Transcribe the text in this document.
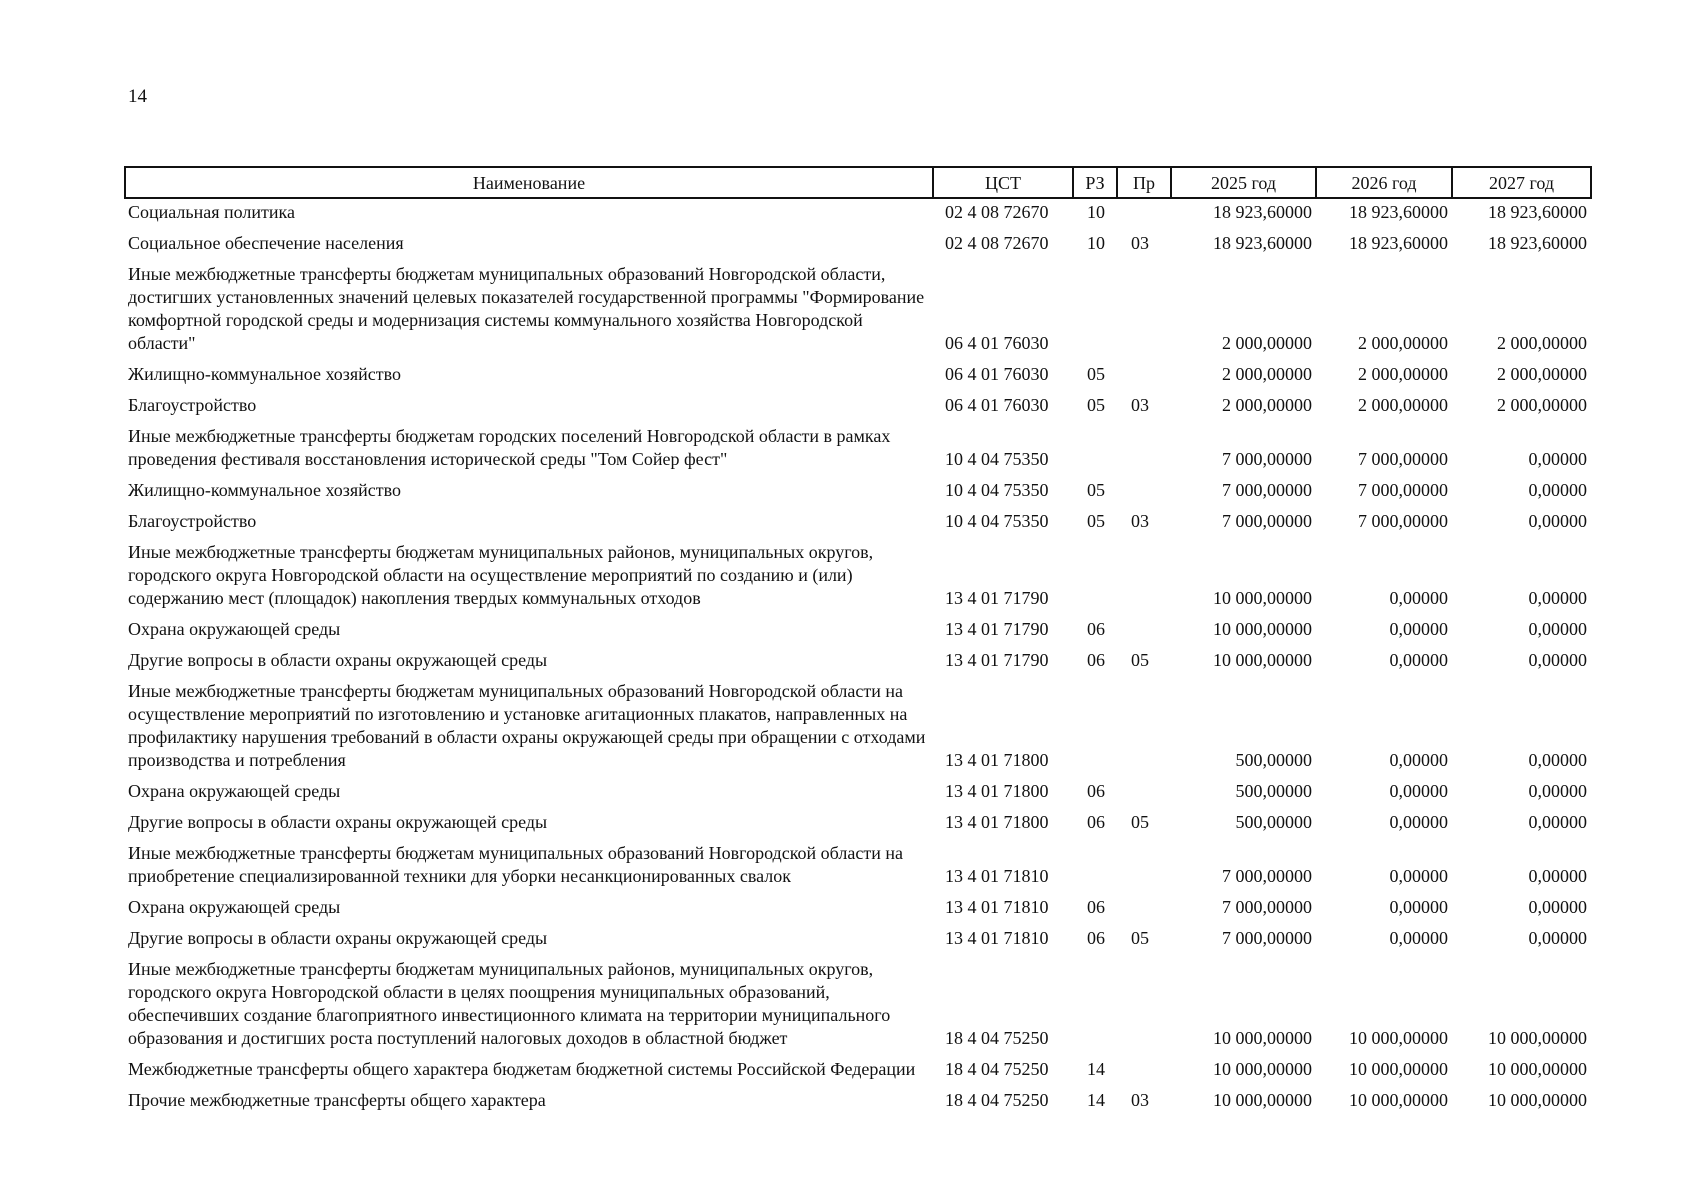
14
Наименование	ЦСТ	РЗ	Пр	2025 год	2026 год	2027 год
Социальная политика	02 4 08 72670	10		18 923,60000	18 923,60000	18 923,60000
Социальное обеспечение населения	02 4 08 72670	10	03	18 923,60000	18 923,60000	18 923,60000
Иные межбюджетные трансферты бюджетам муниципальных образований Новгородской области, достигших установленных значений целевых показателей государственной программы "Формирование комфортной городской среды и модернизация системы коммунального хозяйства Новгородской области"	06 4 01 76030			2 000,00000	2 000,00000	2 000,00000
Жилищно-коммунальное хозяйство	06 4 01 76030	05		2 000,00000	2 000,00000	2 000,00000
Благоустройство	06 4 01 76030	05	03	2 000,00000	2 000,00000	2 000,00000
Иные межбюджетные трансферты бюджетам городских поселений Новгородской области в рамках проведения фестиваля восстановления исторической среды "Том Сойер фест"	10 4 04 75350			7 000,00000	7 000,00000	0,00000
Жилищно-коммунальное хозяйство	10 4 04 75350	05		7 000,00000	7 000,00000	0,00000
Благоустройство	10 4 04 75350	05	03	7 000,00000	7 000,00000	0,00000
Иные межбюджетные трансферты бюджетам муниципальных районов, муниципальных округов, городского округа Новгородской области на осуществление мероприятий по созданию и (или) содержанию мест (площадок) накопления твердых коммунальных отходов	13 4 01 71790			10 000,00000	0,00000	0,00000
Охрана окружающей среды	13 4 01 71790	06		10 000,00000	0,00000	0,00000
Другие вопросы в области охраны окружающей среды	13 4 01 71790	06	05	10 000,00000	0,00000	0,00000
Иные межбюджетные трансферты бюджетам муниципальных образований Новгородской области на осуществление мероприятий по изготовлению и установке агитационных плакатов, направленных на профилактику нарушения требований в области охраны окружающей среды при обращении с отходами производства и потребления	13 4 01 71800			500,00000	0,00000	0,00000
Охрана окружающей среды	13 4 01 71800	06		500,00000	0,00000	0,00000
Другие вопросы в области охраны окружающей среды	13 4 01 71800	06	05	500,00000	0,00000	0,00000
Иные межбюджетные трансферты бюджетам муниципальных образований Новгородской области на приобретение специализированной техники для уборки несанкционированных свалок	13 4 01 71810			7 000,00000	0,00000	0,00000
Охрана окружающей среды	13 4 01 71810	06		7 000,00000	0,00000	0,00000
Другие вопросы в области охраны окружающей среды	13 4 01 71810	06	05	7 000,00000	0,00000	0,00000
Иные межбюджетные трансферты бюджетам муниципальных районов, муниципальных округов, городского округа Новгородской области в целях поощрения муниципальных образований, обеспечивших создание благоприятного инвестиционного климата на территории муниципального образования и достигших роста поступлений налоговых доходов в областной бюджет	18 4 04 75250			10 000,00000	10 000,00000	10 000,00000
Межбюджетные трансферты общего характера бюджетам бюджетной системы Российской Федерации	18 4 04 75250	14		10 000,00000	10 000,00000	10 000,00000
Прочие межбюджетные трансферты общего характера	18 4 04 75250	14	03	10 000,00000	10 000,00000	10 000,00000
